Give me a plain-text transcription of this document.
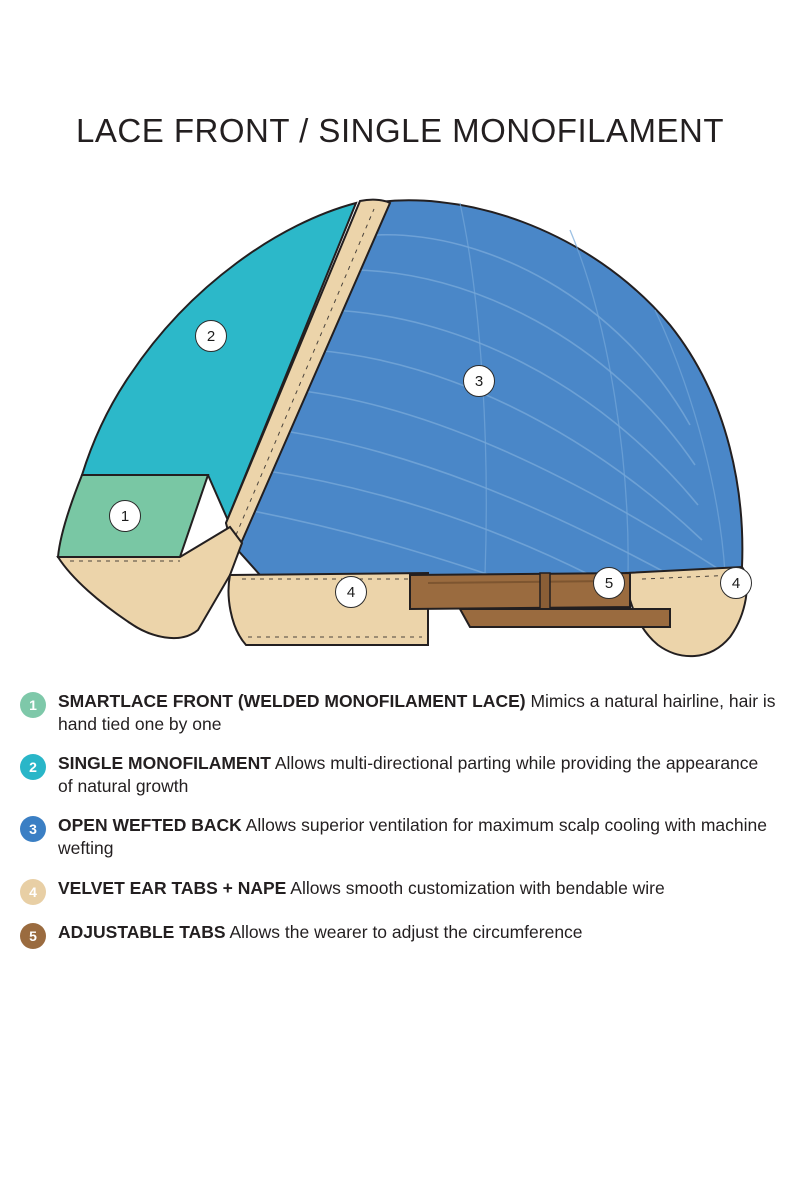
LACE FRONT / SINGLE MONOFILAMENT
1
2
3
4
5	4
1	SMARTLACE FRONT (WELDED MONOFILAMENT LACE) Mimics a natural hairline, hair is hand tied one by one
2	SINGLE MONOFILAMENT Allows multi-directional parting while providing the appearance of natural growth
3	OPEN WEFTED BACK Allows superior ventilation for maximum scalp cooling with machine wefting
4	VELVET EAR TABS + NAPE Allows smooth customization with bendable wire
5	ADJUSTABLE TABS Allows the wearer to adjust the circumference
